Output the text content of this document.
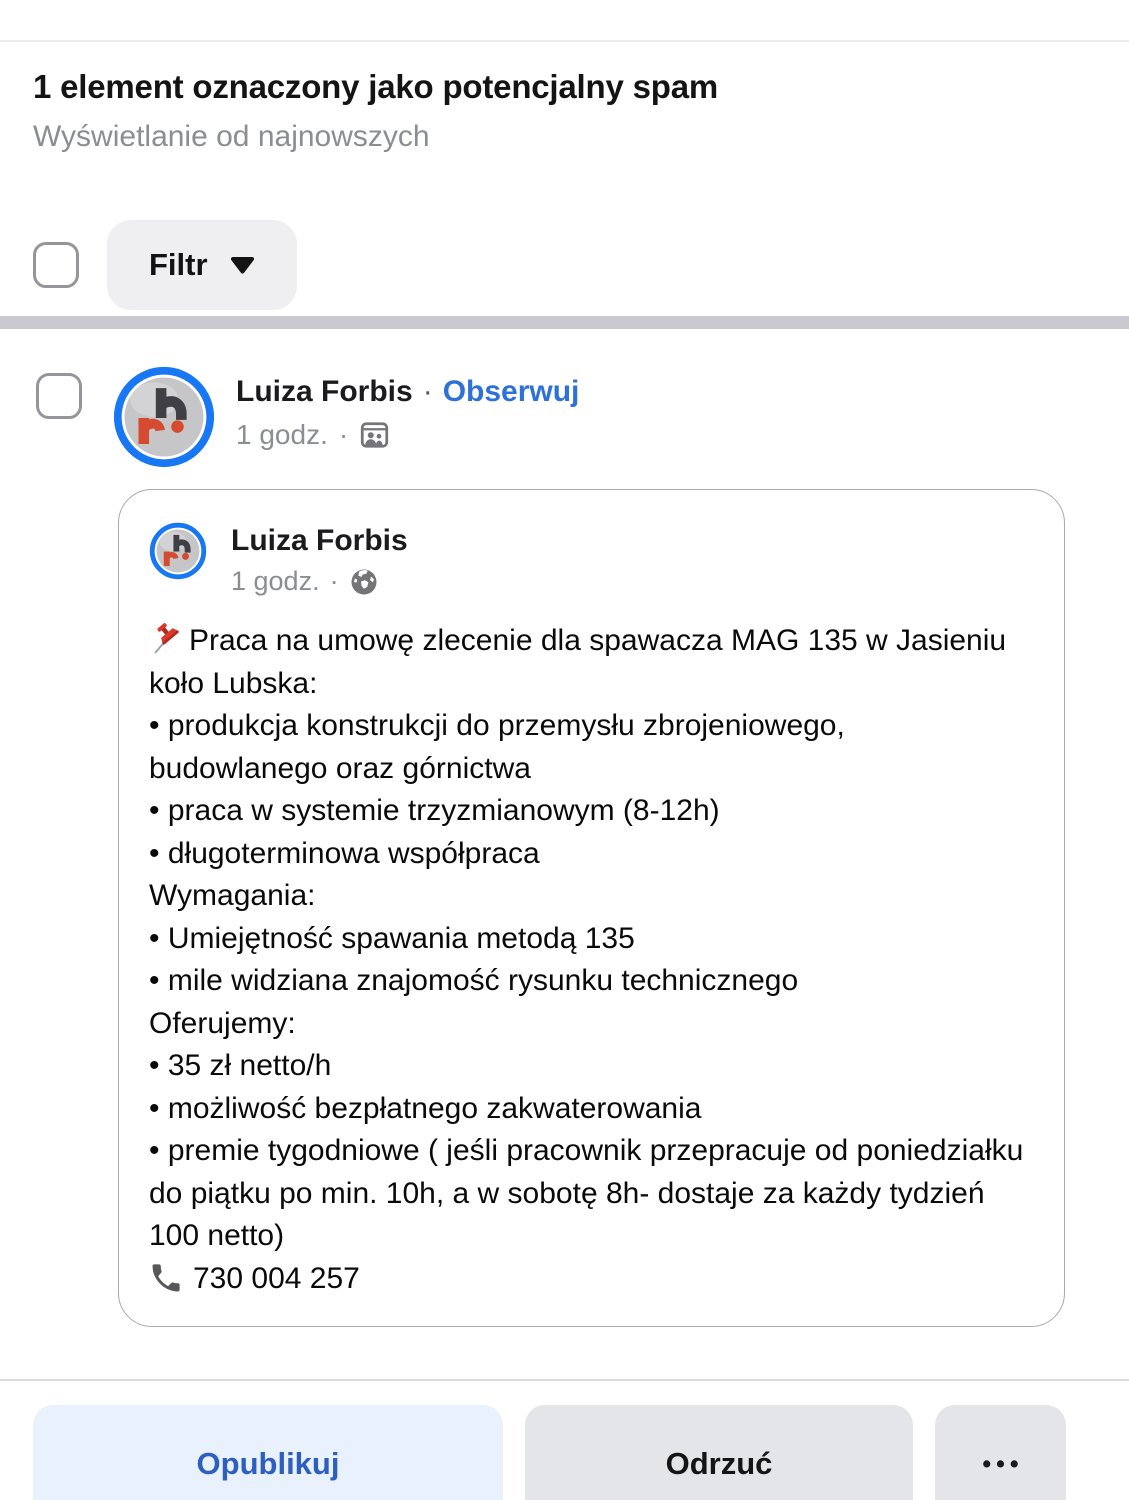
1 element oznaczony jako potencjalny spam
Wyświetlanie od najnowszych
Filtr
Luiza Forbis · Obserwuj
1 godz. ·
Luiza Forbis
1 godz. ·
Praca na umowę zlecenie dla spawacza MAG 135 w Jasieniu koło Lubska:
• produkcja konstrukcji do przemysłu zbrojeniowego, budowlanego oraz górnictwa
• praca w systemie trzyzmianowym (8-12h)
• długoterminowa współpraca
Wymagania:
• Umiejętność spawania metodą 135
• mile widziana znajomość rysunku technicznego
Oferujemy:
• 35 zł netto/h
• możliwość bezpłatnego zakwaterowania
• premie tygodniowe ( jeśli pracownik przepracuje od poniedziałku do piątku po min. 10h, a w sobotę 8h- dostaje za każdy tydzień 100 netto)
730 004 257
Opublikuj	Odrzuć	•••
